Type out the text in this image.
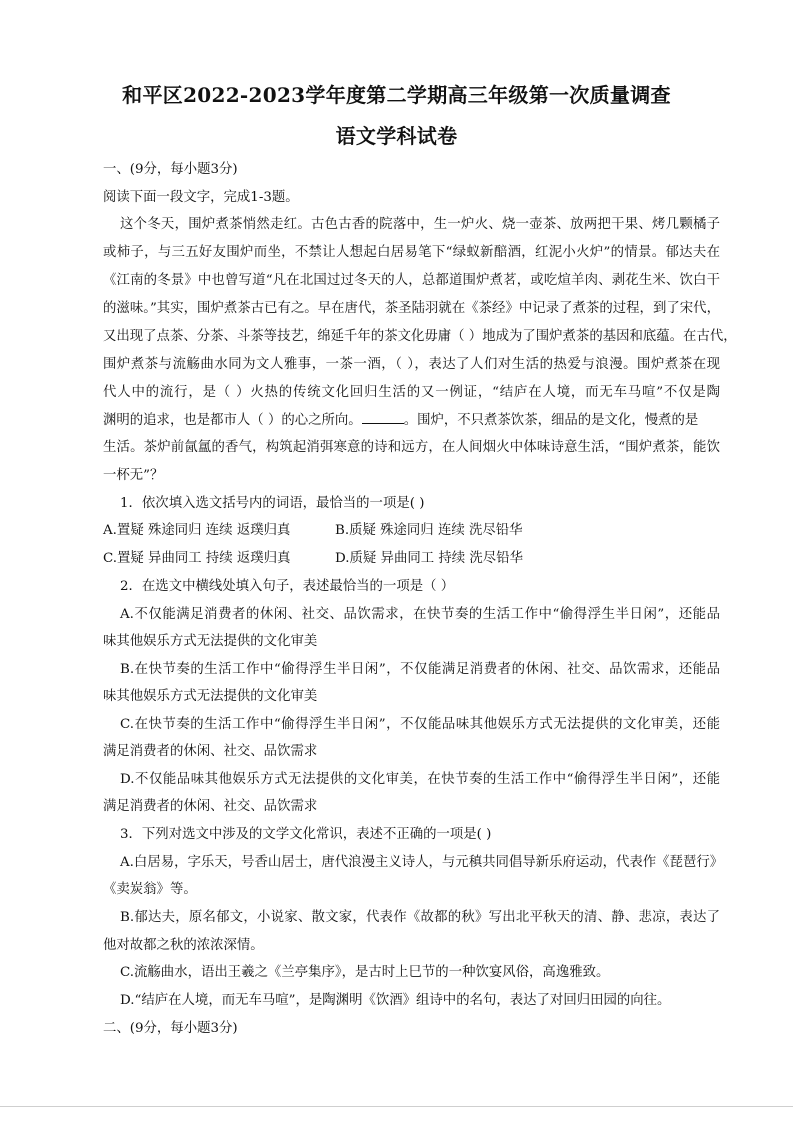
和平区2022-2023学年度第二学期高三年级第一次质量调查
语文学科试卷
一、(9分，每小题3分)
阅读下面一段文字，完成1-3题。
这个冬天，围炉煮茶悄然走红。古色古香的院落中，生一炉火、烧一壶茶、放两把干果、烤几颗橘子
或柿子，与三五好友围炉而坐，不禁让人想起白居易笔下“绿蚁新醅酒，红泥小火炉”的情景。郁达夫在
《江南的冬景》中也曾写道“凡在北国过过冬天的人，总都道围炉煮茗，或吃煊羊肉、剥花生米、饮白干
的滋味。”其实，围炉煮茶古已有之。早在唐代，茶圣陆羽就在《茶经》中记录了煮茶的过程，到了宋代，
又出现了点茶、分茶、斗茶等技艺，绵延千年的茶文化毋庸（ ）地成为了围炉煮茶的基因和底蕴。在古代，
围炉煮茶与流觞曲水同为文人雅事，一茶一酒，（ ），表达了人们对生活的热爱与浪漫。围炉煮茶在现
代人中的流行，是（ ）火热的传统文化回归生活的又一例证，“结庐在人境，而无车马喧”不仅是陶
渊明的追求，也是都市人（ ）的心之所向。	。围炉，不只煮茶饮茶，细品的是文化，慢煮的是
生活。茶炉前氤氲的香气，构筑起消弭寒意的诗和远方，在人间烟火中体味诗意生活，“围炉煮茶，能饮
一杯无”？
1．依次填入选文括号内的词语，最恰当的一项是( )
A.置疑 殊途同归 连续 返璞归真	B.质疑 殊途同归 连续 洗尽铅华
C.置疑 异曲同工 持续 返璞归真	D.质疑 异曲同工 持续 洗尽铅华
2．在选文中横线处填入句子，表述最恰当的一项是（ ）
A.不仅能满足消费者的休闲、社交、品饮需求，在快节奏的生活工作中“偷得浮生半日闲”，还能品
味其他娱乐方式无法提供的文化审美
B.在快节奏的生活工作中“偷得浮生半日闲”，不仅能满足消费者的休闲、社交、品饮需求，还能品
味其他娱乐方式无法提供的文化审美
C.在快节奏的生活工作中“偷得浮生半日闲”，不仅能品味其他娱乐方式无法提供的文化审美，还能
满足消费者的休闲、社交、品饮需求
D.不仅能品味其他娱乐方式无法提供的文化审美，在快节奏的生活工作中“偷得浮生半日闲”，还能
满足消费者的休闲、社交、品饮需求
3．下列对选文中涉及的文学文化常识，表述不正确的一项是( )
A.白居易，字乐天，号香山居士，唐代浪漫主义诗人，与元稹共同倡导新乐府运动，代表作《琵琶行》
《卖炭翁》等。
B.郁达夫，原名郁文，小说家、散文家，代表作《故都的秋》写出北平秋天的清、静、悲凉，表达了
他对故都之秋的浓浓深情。
C.流觞曲水，语出王羲之《兰亭集序》，是古时上巳节的一种饮宴风俗，高逸雅致。
D.“结庐在人境，而无车马喧”，是陶渊明《饮酒》组诗中的名句，表达了对回归田园的向往。
二、(9分，每小题3分)
